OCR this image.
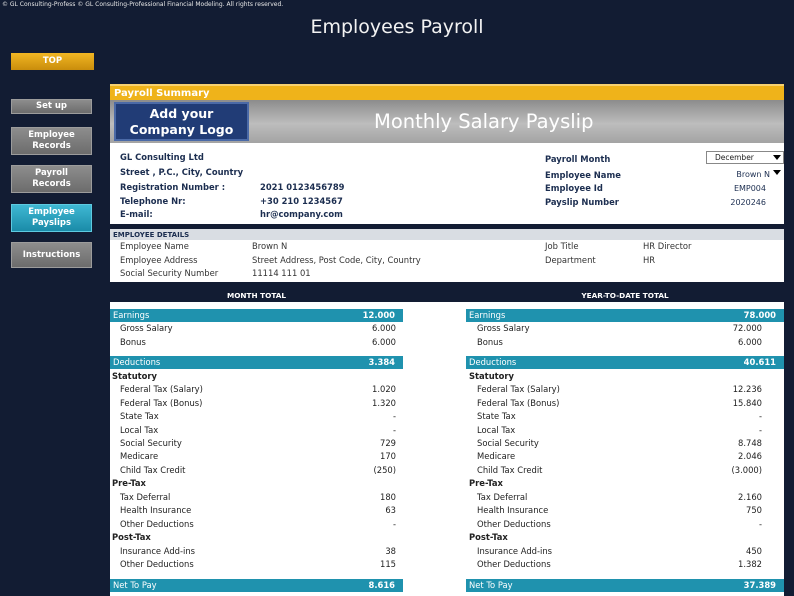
© GL Consulting-Profess © GL Consulting-Professional Financial Modeling. All rights reserved.
Employees Payroll
TOP
Set up
Employee Records
Payroll Records
Employee Payslips
Instructions
Payroll Summary
Add your Company Logo	Monthly Salary Payslip
GL Consulting Ltd
Street , P.C., City, Country
Registration Number :	2021 0123456789
Telephone Nr:	+30 210 1234567
E-mail:	hr@company.com
Payroll Month	December
Employee Name	Brown N
Employee Id	EMP004
Payslip Number	2020246
EMPLOYEE DETAILS
Employee Name	Brown N
Employee Address	Street Address, Post Code, City, Country
Social Security Number	11114 111 01
Job Title	HR Director
Department	HR
MONTH TOTAL	YEAR-TO-DATE TOTAL
Earnings	12.000
Gross Salary	6.000
Bonus	6.000
Deductions	3.384
Statutory
Federal Tax (Salary)	1.020
Federal Tax (Bonus)	1.320
State Tax	-
Local Tax	-
Social Security	729
Medicare	170
Child Tax Credit	(250)
Pre-Tax
Tax Deferral	180
Health Insurance	63
Other Deductions	-
Post-Tax
Insurance Add-ins	38
Other Deductions	115
Net To Pay	8.616
Earnings	78.000
Gross Salary	72.000
Bonus	6.000
Deductions	40.611
Statutory
Federal Tax (Salary)	12.236
Federal Tax (Bonus)	15.840
State Tax	-
Local Tax	-
Social Security	8.748
Medicare	2.046
Child Tax Credit	(3.000)
Pre-Tax
Tax Deferral	2.160
Health Insurance	750
Other Deductions	-
Post-Tax
Insurance Add-ins	450
Other Deductions	1.382
Net To Pay	37.389
